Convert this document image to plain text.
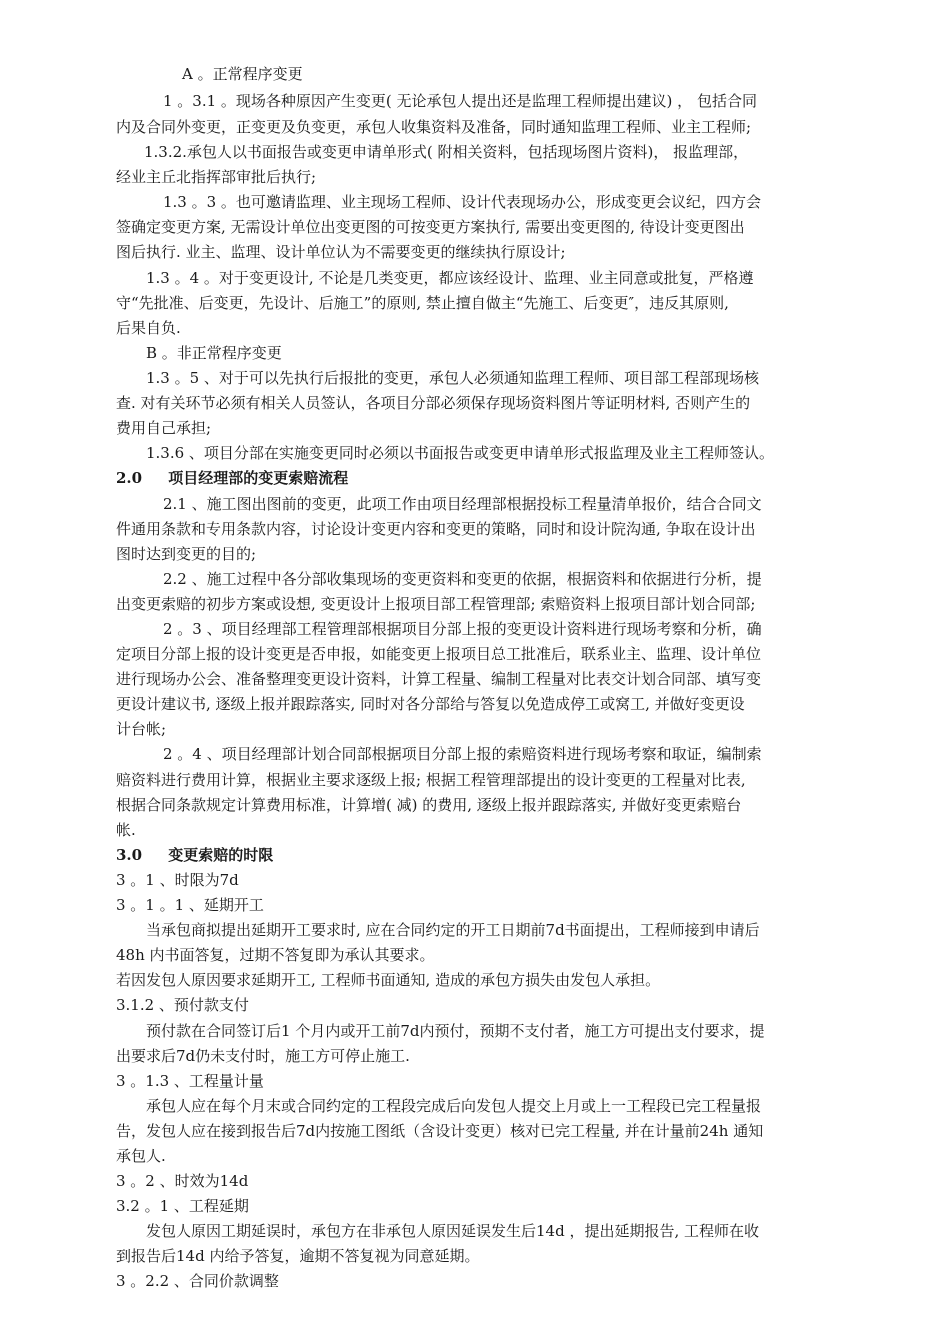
A 。正常程序变更
1 。3.1 。现场各种原因产生变更( 无论承包人提出还是监理工程师提出建议) ， 包括合同
内及合同外变更，正变更及负变更，承包人收集资料及准备，同时通知监理工程师、业主工程师;
1.3.2.承包人以书面报告或变更申请单形式( 附相关资料，包括现场图片资料)， 报监理部，
经业主丘北指挥部审批后执行;
1.3 。3 。也可邀请监理、业主现场工程师、设计代表现场办公，形成变更会议纪，四方会
签确定变更方案, 无需设计单位出变更图的可按变更方案执行, 需要出变更图的, 待设计变更图出
图后执行. 业主、监理、设计单位认为不需要变更的继续执行原设计;
1.3 。4 。对于变更设计, 不论是几类变更，都应该经设计、监理、业主同意或批复，严格遵
守“先批准、后变更，先设计、后施工”的原则, 禁止擅自做主“先施工、后变更″，违反其原则,
后果自负.
B 。非正常程序变更
1.3 。5 、对于可以先执行后报批的变更，承包人必须通知监理工程师、项目部工程部现场核
查. 对有关环节必须有相关人员签认，各项目分部必须保存现场资料图片等证明材料, 否则产生的
费用自己承担;
1.3.6 、项目分部在实施变更同时必须以书面报告或变更申请单形式报监理及业主工程师签认。
2.0     项目经理部的变更索赔流程
2.1 、施工图出图前的变更，此项工作由项目经理部根据投标工程量清单报价，结合合同文
件通用条款和专用条款内容，讨论设计变更内容和变更的策略，同时和设计院沟通, 争取在设计出
图时达到变更的目的;
2.2 、施工过程中各分部收集现场的变更资料和变更的依据，根据资料和依据进行分析，提
出变更索赔的初步方案或设想, 变更设计上报项目部工程管理部; 索赔资料上报项目部计划合同部;
2 。3 、项目经理部工程管理部根据项目分部上报的变更设计资料进行现场考察和分析，确
定项目分部上报的设计变更是否申报，如能变更上报项目总工批准后，联系业主、监理、设计单位
进行现场办公会、准备整理变更设计资料，计算工程量、编制工程量对比表交计划合同部、填写变
更设计建议书, 逐级上报并跟踪落实, 同时对各分部给与答复以免造成停工或窝工, 并做好变更设
计台帐;
2 。4 、项目经理部计划合同部根据项目分部上报的索赔资料进行现场考察和取证，编制索
赔资料进行费用计算，根据业主要求逐级上报; 根据工程管理部提出的设计变更的工程量对比表,
根据合同条款规定计算费用标准，计算增( 减) 的费用, 逐级上报并跟踪落实, 并做好变更索赔台
帐.
3.0     变更索赔的时限
3 。1 、时限为7d
3 。1 。1 、延期开工
当承包商拟提出延期开工要求时, 应在合同约定的开工日期前7d书面提出，工程师接到申请后
48h 内书面答复，过期不答复即为承认其要求。
若因发包人原因要求延期开工, 工程师书面通知, 造成的承包方损失由发包人承担。
3.1.2 、预付款支付
预付款在合同签订后1 个月内或开工前7d内预付，预期不支付者，施工方可提出支付要求，提
出要求后7d仍未支付时，施工方可停止施工.
3 。1.3 、工程量计量
承包人应在每个月末或合同约定的工程段完成后向发包人提交上月或上一工程段已完工程量报
告，发包人应在接到报告后7d内按施工图纸（含设计变更）核对已完工程量, 并在计量前24h 通知
承包人.
3 。2 、时效为14d
3.2 。1 、工程延期
发包人原因工期延误时，承包方在非承包人原因延误发生后14d ，提出延期报告, 工程师在收
到报告后14d 内给予答复，逾期不答复视为同意延期。
3 。2.2 、合同价款调整
